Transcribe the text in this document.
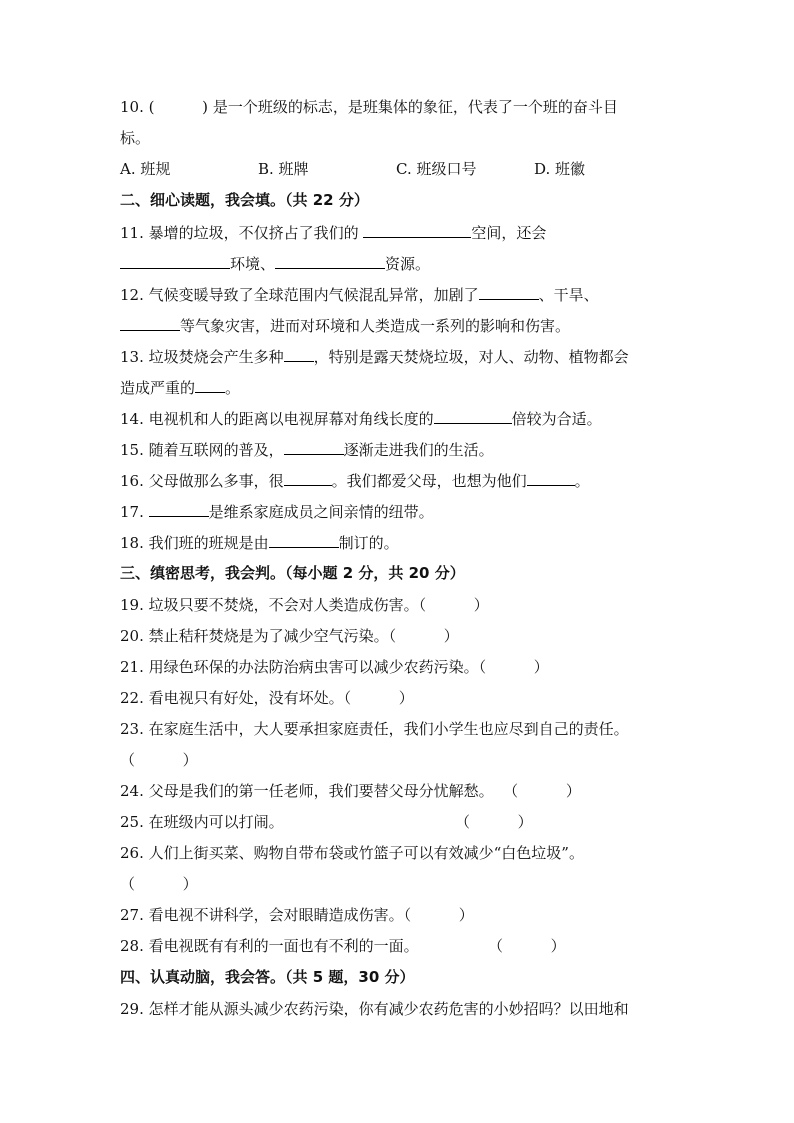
10. (          ) 是一个班级的标志，是班集体的象征，代表了一个班的奋斗目
标。
A. 班规	B. 班牌	C. 班级口号	D. 班徽
二、细心读题，我会填。（共 22 分）
11. 暴增的垃圾，不仅挤占了我们的	空间，还会
环境、	资源。
12. 气候变暖导致了全球范围内气候混乱异常，加剧了	、干旱、
等气象灾害，进而对环境和人类造成一系列的影响和伤害。
13. 垃圾焚烧会产生多种 ，特别是露天焚烧垃圾，对人、动物、植物都会
造成严重的 。
14. 电视机和人的距离以电视屏幕对角线长度的	倍较为合适。
15. 随着互联网的普及，	逐渐走进我们的生活。
16. 父母做那么多事，很	。我们都爱父母，也想为他们	。
17.	是维系家庭成员之间亲情的纽带。
18. 我们班的班规是由	制订的。
三、缜密思考，我会判。（每小题 2 分，共 20 分）
19. 垃圾只要不焚烧，不会对人类造成伤害。（          ）
20. 禁止秸秆焚烧是为了减少空气污染。（          ）
21. 用绿色环保的办法防治病虫害可以减少农药污染。（          ）
22. 看电视只有好处，没有坏处。（          ）
23. 在家庭生活中，大人要承担家庭责任，我们小学生也应尽到自己的责任。
（          ）
24. 父母是我们的第一任老师，我们要替父母分忧解愁。  （          ）
25. 在班级内可以打闹。	（          ）
26. 人们上街买菜、购物自带布袋或竹篮子可以有效减少“白色垃圾”。
（          ）
27. 看电视不讲科学，会对眼睛造成伤害。（          ）
28. 看电视既有有利的一面也有不利的一面。	（          ）
四、认真动脑，我会答。（共 5 题，30 分）
29. 怎样才能从源头减少农药污染，你有减少农药危害的小妙招吗？以田地和
